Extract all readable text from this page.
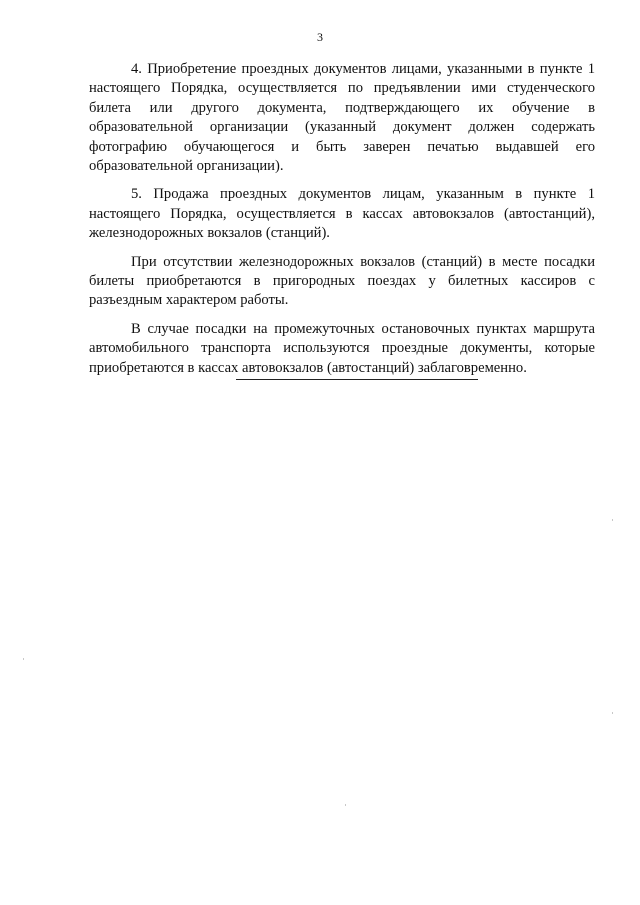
3

4. Приобретение проездных документов лицами, указанными в пункте 1 настоящего Порядка, осуществляется по предъявлении ими студенческого билета или другого документа, подтверждающего их обучение в образовательной организации (указанный документ должен содержать фотографию обучающегося и быть заверен печатью выдавшей его образовательной организации).

5. Продажа проездных документов лицам, указанным в пункте 1 настоящего Порядка, осуществляется в кассах автовокзалов (автостанций), железнодорожных вокзалов (станций).

При отсутствии железнодорожных вокзалов (станций) в месте посадки билеты приобретаются в пригородных поездах у билетных кассиров с разъездным характером работы.

В случае посадки на промежуточных остановочных пунктах маршрута автомобильного транспорта используются проездные документы, которые приобретаются в кассах автовокзалов (автостанций) заблаговременно.
